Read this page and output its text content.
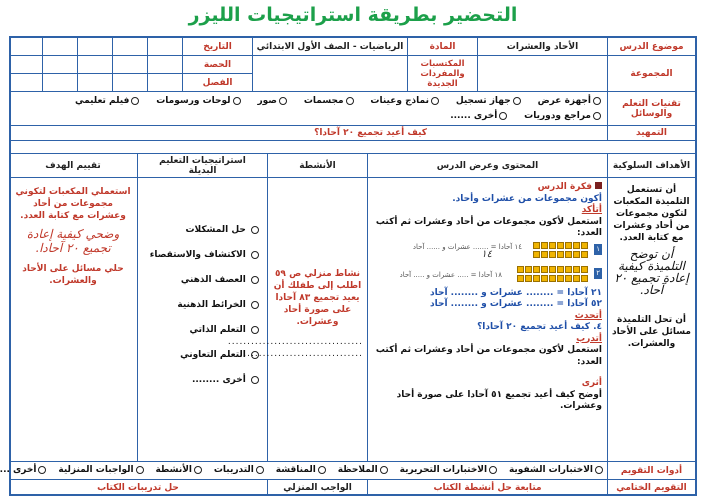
التحضير بطريقة استراتيجيات الليزر
موضوع الدرس
الأحاد والعشرات
المادة
الرياضيات - الصف الأول الابتدائي
التاريخ
المجموعة
المكتسبات والمفردات الجديدة
الحصة
الفصل
تقنيات التعلم والوسائل
أجهزة عرض جهاز تسجيل نماذج وعينات مجسمات صور لوحات ورسومات فيلم تعليمي
مراجع ودوريات أخرى ......
التمهيد
كيف أعيد تجميع ٢٠ آحادا؟
الأهداف السلوكية
المحتوى وعرض الدرس
الأنشطة
استراتيجيات التعليم البديلة
تقييم الهدف
أن تستعمل التلميذة المكعبات لتكون مجموعات من أحاد وعشرات مع كتابة العدد.
أن توضح التلميذة كيفية إعادة تجميع ٢٠ آحاد.
أن تحل التلميذة مسائل على الأحاد والعشرات.
فكرة الدرس
أكون مجموعات من عشرات وأحاد.
أتأكد
استعمل لأكون مجموعات من أحاد وعشرات ثم أكتب العدد:
١
١٤ آحادا = ....... عشرات و ...... آحاد
١٤
٢
١٨ آحادا = ..... عشرات و ..... آحاد
٢١ آحادا = ........ عشرات و ........ آحاد
٥٢ آحادا = ........ عشرات و ........ آحاد
أتحدث
٤. كيف أعيد تجميع ٢٠ آحادا؟
أتدرب
استعمل لأكون مجموعات من أحاد وعشرات ثم أكتب العدد:
أثرى
أوضح كيف أعيد تجميع ٥١ آحادا على صورة أحاد وعشرات.
نشاط منزلي ص ٥٩ اطلب إلى طفلك أن يعيد تجميع ٨٣ آحادا على صورة أحاد وعشرات.
...................................
...................................
حل المشكلات
الاكتشاف والاستقصاء
العصف الذهني
الخرائط الذهنية
التعلم الذاتي
التعلم التعاوني
أخرى ........
استعملي المكعبات لتكوني مجموعات من أحاد وعشرات مع كتابة العدد.
وضحي كيفية إعادة تجميع ٢٠ آحادا.
حلي مسائل على الأحاد والعشرات.
أدوات التقويم
الاختبارات الشفوية الاختبارات التحريرية الملاحظة المناقشة التدريبات الأنشطة الواجبات المنزلية أخرى ...
التقويم الختامي
متابعة حل أنشطة الكتاب
الواجب المنزلي
حل تدريبات الكتاب
